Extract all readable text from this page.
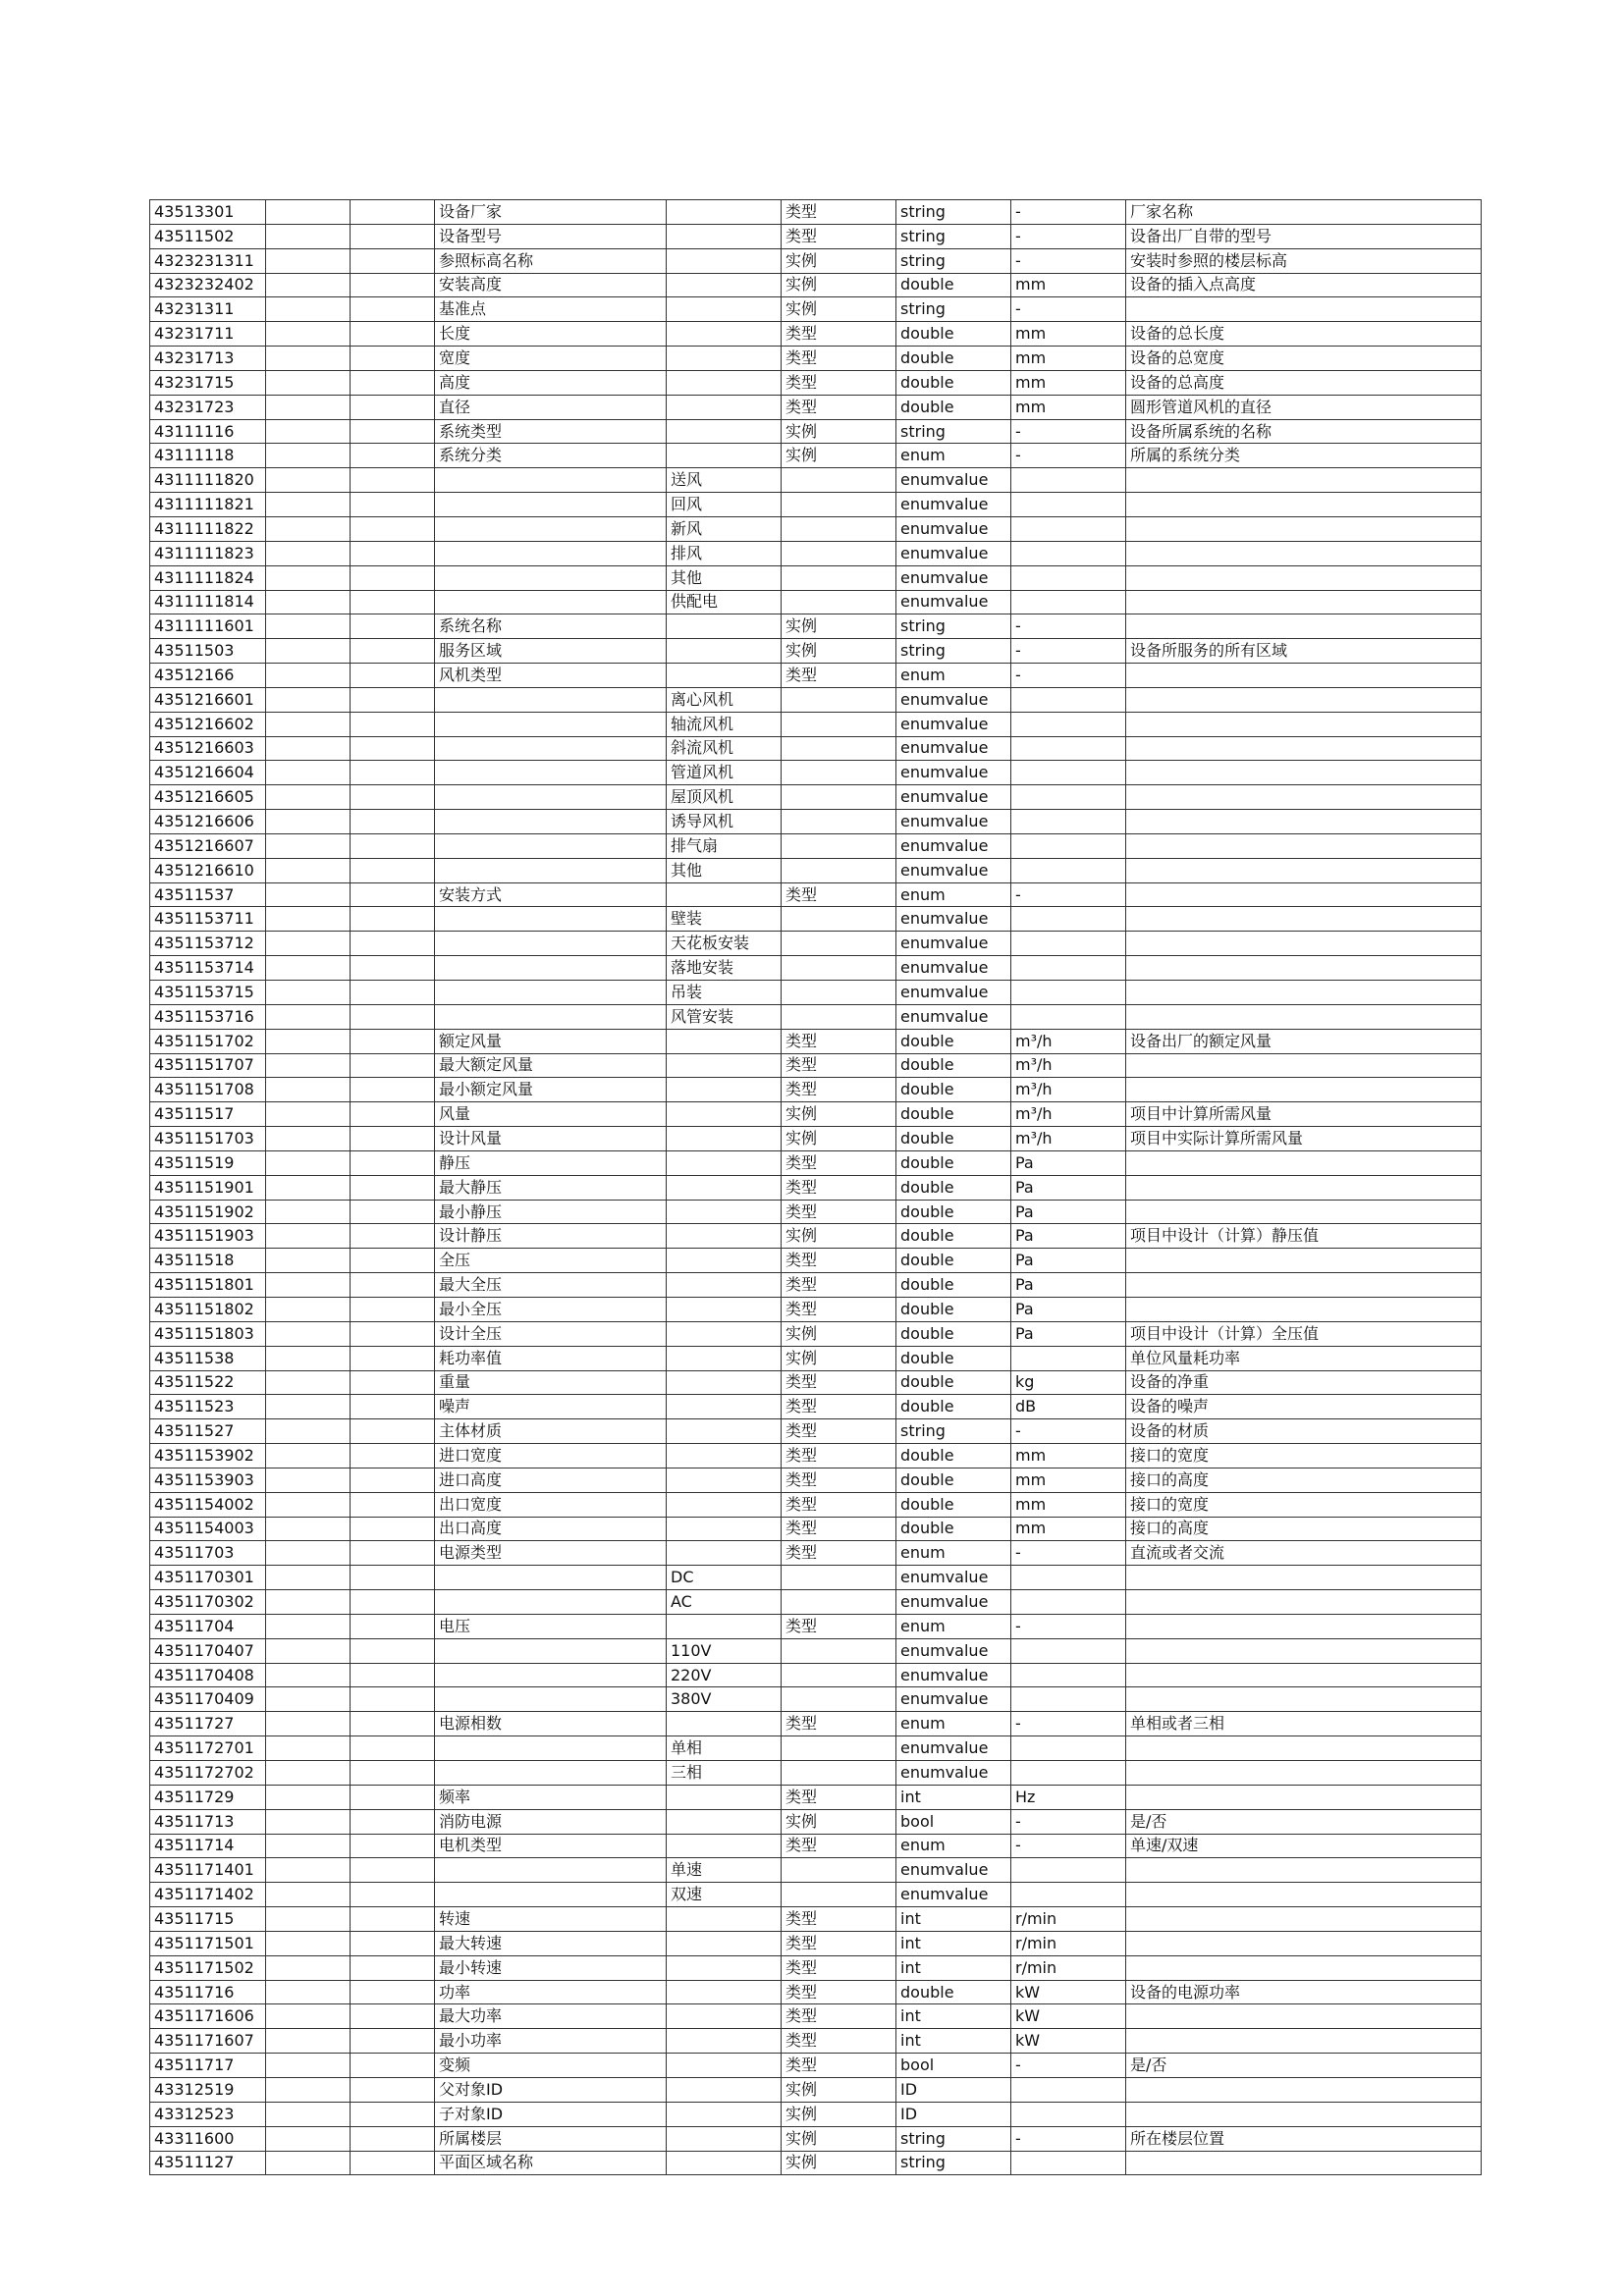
43513301			设备厂家		类型	string	-	厂家名称
43511502			设备型号		类型	string	-	设备出厂自带的型号
4323231311			参照标高名称		实例	string	-	安装时参照的楼层标高
4323232402			安装高度		实例	double	mm	设备的插入点高度
43231311			基准点		实例	string	-	
43231711			长度		类型	double	mm	设备的总长度
43231713			宽度		类型	double	mm	设备的总宽度
43231715			高度		类型	double	mm	设备的总高度
43231723			直径		类型	double	mm	圆形管道风机的直径
43111116			系统类型		实例	string	-	设备所属系统的名称
43111118			系统分类		实例	enum	-	所属的系统分类
4311111820				送风		enumvalue		
4311111821				回风		enumvalue		
4311111822				新风		enumvalue		
4311111823				排风		enumvalue		
4311111824				其他		enumvalue		
4311111814				供配电		enumvalue		
4311111601			系统名称		实例	string	-	
43511503			服务区域		实例	string	-	设备所服务的所有区域
43512166			风机类型		类型	enum	-	
4351216601				离心风机		enumvalue		
4351216602				轴流风机		enumvalue		
4351216603				斜流风机		enumvalue		
4351216604				管道风机		enumvalue		
4351216605				屋顶风机		enumvalue		
4351216606				诱导风机		enumvalue		
4351216607				排气扇		enumvalue		
4351216610				其他		enumvalue		
43511537			安装方式		类型	enum	-	
4351153711				壁装		enumvalue		
4351153712				天花板安装		enumvalue		
4351153714				落地安装		enumvalue		
4351153715				吊装		enumvalue		
4351153716				风管安装		enumvalue		
4351151702			额定风量		类型	double	m³/h	设备出厂的额定风量
4351151707			最大额定风量		类型	double	m³/h	
4351151708			最小额定风量		类型	double	m³/h	
43511517			风量		实例	double	m³/h	项目中计算所需风量
4351151703			设计风量		实例	double	m³/h	项目中实际计算所需风量
43511519			静压		类型	double	Pa	
4351151901			最大静压		类型	double	Pa	
4351151902			最小静压		类型	double	Pa	
4351151903			设计静压		实例	double	Pa	项目中设计（计算）静压值
43511518			全压		类型	double	Pa	
4351151801			最大全压		类型	double	Pa	
4351151802			最小全压		类型	double	Pa	
4351151803			设计全压		实例	double	Pa	项目中设计（计算）全压值
43511538			耗功率值		实例	double		单位风量耗功率
43511522			重量		类型	double	kg	设备的净重
43511523			噪声		类型	double	dB	设备的噪声
43511527			主体材质		类型	string	-	设备的材质
4351153902			进口宽度		类型	double	mm	接口的宽度
4351153903			进口高度		类型	double	mm	接口的高度
4351154002			出口宽度		类型	double	mm	接口的宽度
4351154003			出口高度		类型	double	mm	接口的高度
43511703			电源类型		类型	enum	-	直流或者交流
4351170301				DC		enumvalue		
4351170302				AC		enumvalue		
43511704			电压		类型	enum	-	
4351170407				110V		enumvalue		
4351170408				220V		enumvalue		
4351170409				380V		enumvalue		
43511727			电源相数		类型	enum	-	单相或者三相
4351172701				单相		enumvalue		
4351172702				三相		enumvalue		
43511729			频率		类型	int	Hz	
43511713			消防电源		实例	bool	-	是/否
43511714			电机类型		类型	enum	-	单速/双速
4351171401				单速		enumvalue		
4351171402				双速		enumvalue		
43511715			转速		类型	int	r/min	
4351171501			最大转速		类型	int	r/min	
4351171502			最小转速		类型	int	r/min	
43511716			功率		类型	double	kW	设备的电源功率
4351171606			最大功率		类型	int	kW	
4351171607			最小功率		类型	int	kW	
43511717			变频		类型	bool	-	是/否
43312519			父对象ID		实例	ID		
43312523			子对象ID		实例	ID		
43311600			所属楼层		实例	string	-	所在楼层位置
43511127			平面区域名称		实例	string		
